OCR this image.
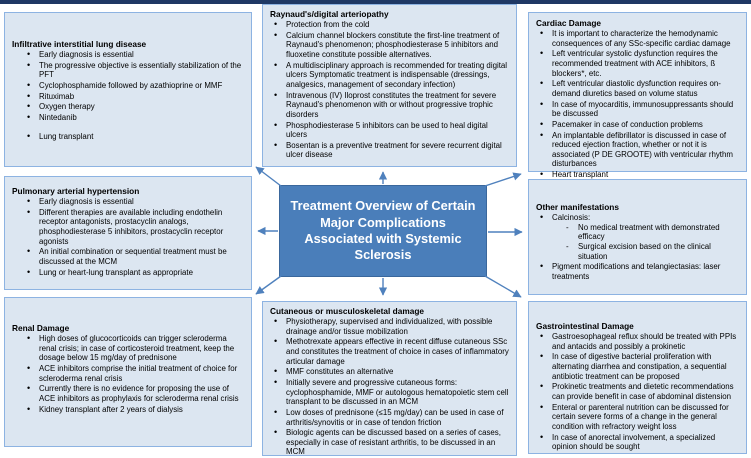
Infiltrative interstitial lung disease
• Early diagnosis is essential
• The progressive objective is essentially stabilization of the PFT
• Cyclophosphamide followed by azathioprine or MMF
• Rituximab
• Oxygen therapy
• Nintedanib
• Lung transplant
Raynaud's/digital arteriopathy
• Protection from the cold
• Calcium channel blockers constitute the first-line treatment of Raynaud's phenomenon; phosphodiesterase 5 inhibitors and fluoxetine constitute possible alternatives.
• A multidisciplinary approach is recommended for treating digital ulcers Symptomatic treatment is indispensable (dressings, analgesics, management of secondary infection)
• Intravenous (IV) Iloprost constitutes the treatment for severe Raynaud's phenomenon with or without progressive trophic disorders
• Phosphodiesterase 5 inhibitors can be used to heal digital ulcers
• Bosentan is a preventive treatment for severe recurrent digital ulcer disease
Cardiac Damage
• It is important to characterize the hemodynamic consequences of any SSc-specific cardiac damage
• Left ventricular systolic dysfunction requires the recommended treatment with ACE inhibitors, ß blockers*, etc.
• Left ventricular diastolic dysfunction requires on-demand diuretics based on volume status
• In case of myocarditis, immunosuppressants should be discussed
• Pacemaker in case of conduction problems
• An implantable defibrillator is discussed in case of reduced ejection fraction, whether or not it is associated (P DE GROOTE) with ventricular rhythm disturbances
• Heart transplant
Pulmonary arterial hypertension
• Early diagnosis is essential
• Different therapies are available including endothelin receptor antagonists, prostacyclin analogs, phosphodiesterase 5 inhibitors, prostacyclin receptor agonists
• An initial combination or sequential treatment must be discussed at the MCM
• Lung or heart-lung transplant as appropriate
Treatment Overview of Certain Major Complications Associated with Systemic Sclerosis
Other manifestations
• Calcinosis:
- No medical treatment with demonstrated efficacy
- Surgical excision based on the clinical situation
• Pigment modifications and telangiectasias: laser treatments
Renal Damage
• High doses of glucocorticoids can trigger scleroderma renal crisis; in case of corticosteroid treatment, keep the dosage below 15 mg/day of prednisone
• ACE inhibitors comprise the initial treatment of choice for scleroderma renal crisis
• Currently there is no evidence for proposing the use of ACE inhibitors as prophylaxis for scleroderma renal crisis
• Kidney transplant after 2 years of dialysis
Cutaneous or musculoskeletal damage
• Physiotherapy, supervised and individualized, with possible drainage and/or tissue mobilization
• Methotrexate appears effective in recent diffuse cutaneous SSc and constitutes the treatment of choice in cases of inflammatory articular damage
• MMF constitutes an alternative
• Initially severe and progressive cutaneous forms: cyclophosphamide, MMF or autologous hematopoietic stem cell transplant to be discussed in an MCM
• Low doses of prednisone (≤15 mg/day) can be used in case of arthritis/synovitis or in case of tendon friction
• Biologic agents can be discussed based on a series of cases, especially in case of resistant arthritis, to be discussed in an MCM
Gastrointestinal Damage
• Gastroesophageal reflux should be treated with PPIs and antacids and possibly a prokinetic
• In case of digestive bacterial proliferation with alternating diarrhea and constipation, a sequential antibiotic treatment can be proposed
• Prokinetic treatments and dietetic recommendations can provide benefit in case of abdominal distension
• Enteral or parenteral nutrition can be discussed for certain severe forms of a change in the general condition with refractory weight loss
• In case of anorectal involvement, a specialized opinion should be sought
